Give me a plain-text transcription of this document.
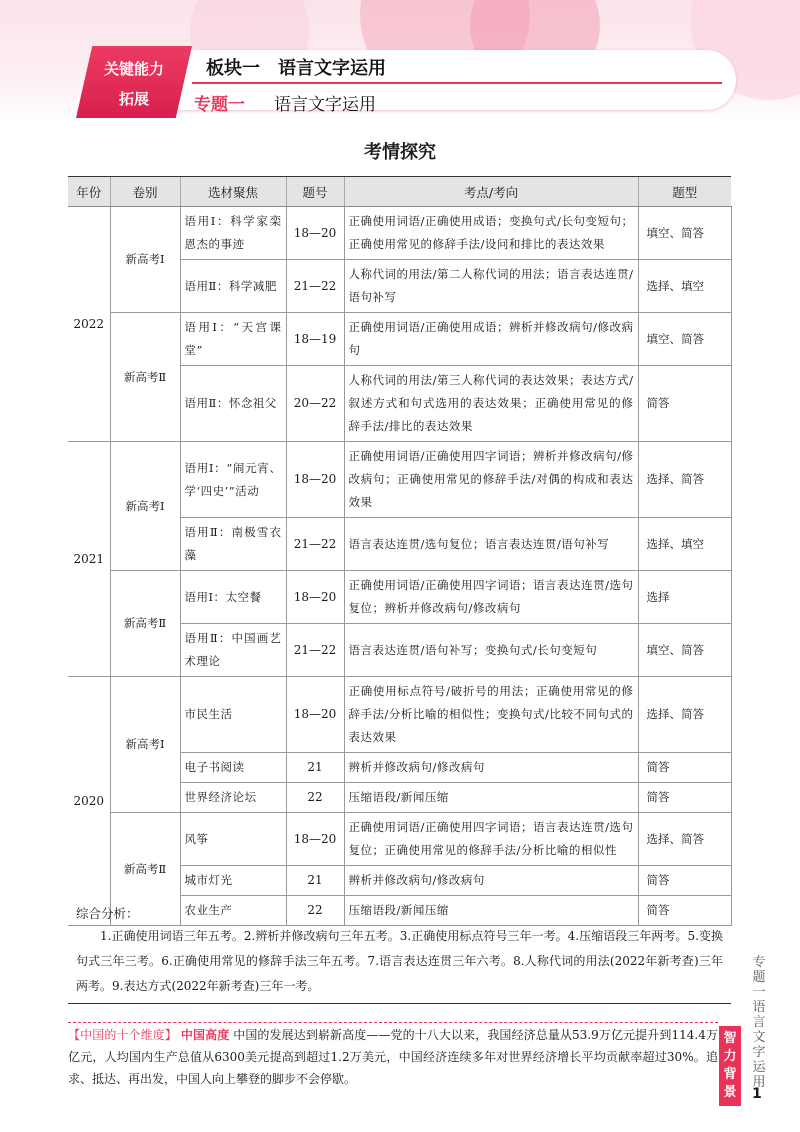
关键能力
拓展
板块一　语言文字运用
专题一 语言文字运用
考情探究
年份	卷别	选材聚焦	题号	考点/考向	题型
2022	新高考Ⅰ	语用Ⅰ：科学家栾恩杰的事迹	18—20	正确使用词语/正确使用成语；变换句式/长句变短句；正确使用常见的修辞手法/设问和排比的表达效果	填空、简答
		语用Ⅱ：科学减肥	21—22	人称代词的用法/第二人称代词的用法；语言表达连贯/语句补写	选择、填空
	新高考Ⅱ	语用Ⅰ：“天宫课堂”	18—19	正确使用词语/正确使用成语；辨析并修改病句/修改病句	填空、简答
		语用Ⅱ：怀念祖父	20—22	人称代词的用法/第三人称代词的表达效果；表达方式/叙述方式和句式选用的表达效果；正确使用常见的修辞手法/排比的表达效果	简答
2021	新高考Ⅰ	语用Ⅰ：“闹元宵、学‘四史’”活动	18—20	正确使用词语/正确使用四字词语；辨析并修改病句/修改病句；正确使用常见的修辞手法/对偶的构成和表达效果	选择、简答
		语用Ⅱ：南极雪衣藻	21—22	语言表达连贯/选句复位；语言表达连贯/语句补写	选择、填空
	新高考Ⅱ	语用Ⅰ：太空餐	18—20	正确使用词语/正确使用四字词语；语言表达连贯/选句复位；辨析并修改病句/修改病句	选择
		语用Ⅱ：中国画艺术理论	21—22	语言表达连贯/语句补写；变换句式/长句变短句	填空、简答
2020	新高考Ⅰ	市民生活	18—20	正确使用标点符号/破折号的用法；正确使用常见的修辞手法/分析比喻的相似性；变换句式/比较不同句式的表达效果	选择、简答
		电子书阅读	21	辨析并修改病句/修改病句	简答
		世界经济论坛	22	压缩语段/新闻压缩	简答
	新高考Ⅱ	风筝	18—20	正确使用词语/正确使用四字词语；语言表达连贯/选句复位；正确使用常见的修辞手法/分析比喻的相似性	选择、简答
		城市灯光	21	辨析并修改病句/修改病句	简答
		农业生产	22	压缩语段/新闻压缩	简答
综合分析：
1.正确使用词语三年五考。2.辨析并修改病句三年五考。3.正确使用标点符号三年一考。4.压缩语段三年两考。5.变换句式三年三考。6.正确使用常见的修辞手法三年五考。7.语言表达连贯三年六考。8.人称代词的用法(2022年新考查)三年两考。9.表达方式(2022年新考查)三年一考。
专题一　语言文字运用
【中国的十个维度】 中国高度 中国的发展达到崭新高度——党的十八大以来，我国经济总量从53.9万亿元提升到114.4万亿元，人均国内生产总值从6300美元提高到超过1.2万美元，中国经济连续多年对世界经济增长平均贡献率超过30%。追求、抵达、再出发，中国人向上攀登的脚步不会停歇。
智力背景	1
